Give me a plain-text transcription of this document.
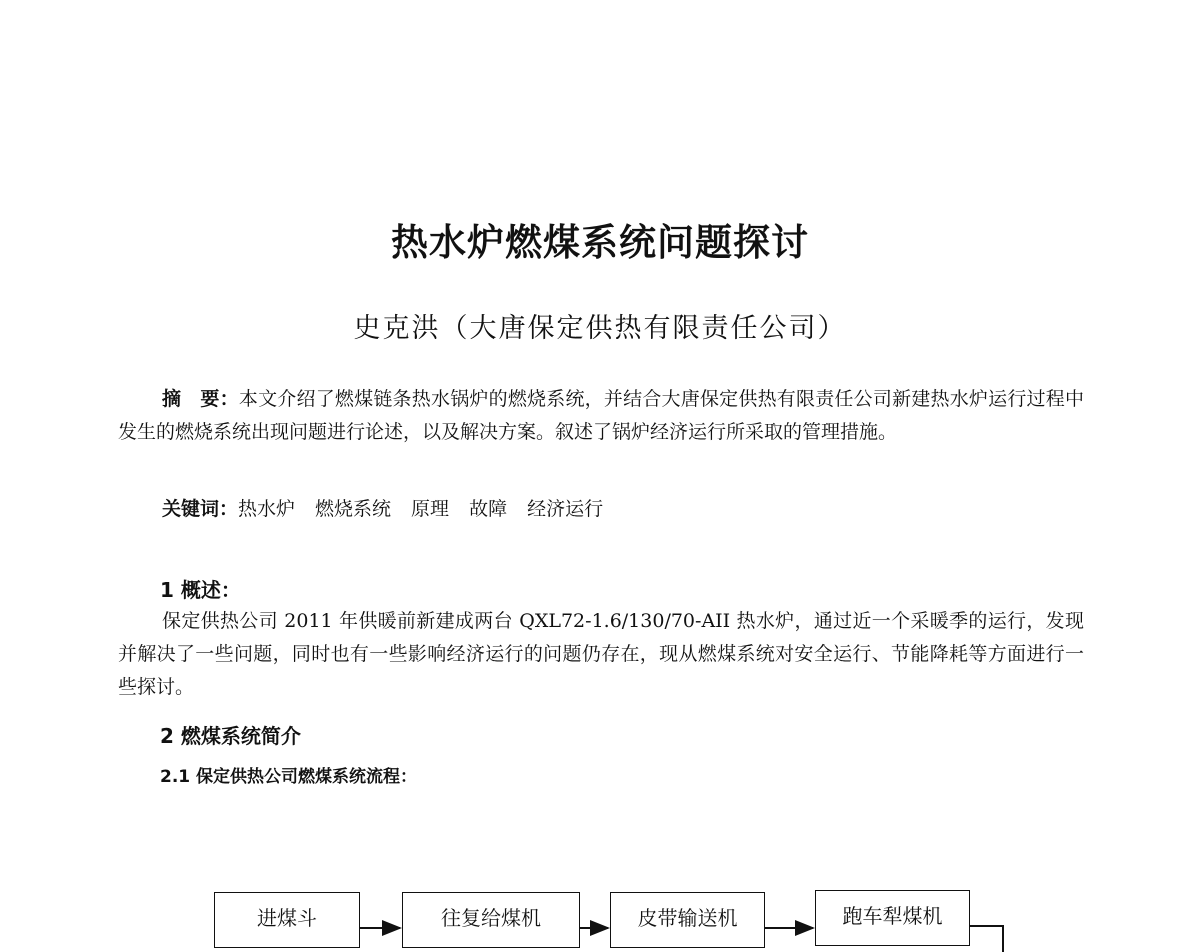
热水炉燃煤系统问题探讨
史克洪（大唐保定供热有限责任公司）
摘　要：本文介绍了燃煤链条热水锅炉的燃烧系统，并结合大唐保定供热有限责任公司新建热水炉运行过程中发生的燃烧系统出现问题进行论述，以及解决方案。叙述了锅炉经济运行所采取的管理措施。
关键词：热水炉 燃烧系统 原理 故障 经济运行
1 概述：
保定供热公司 2011 年供暖前新建成两台 QXL72-1.6/130/70-AII 热水炉，通过近一个采暖季的运行，发现并解决了一些问题，同时也有一些影响经济运行的问题仍存在，现从燃煤系统对安全运行、节能降耗等方面进行一些探讨。
2 燃煤系统简介
2.1 保定供热公司燃煤系统流程：
进煤斗	往复给煤机	皮带输送机	跑车犁煤机
